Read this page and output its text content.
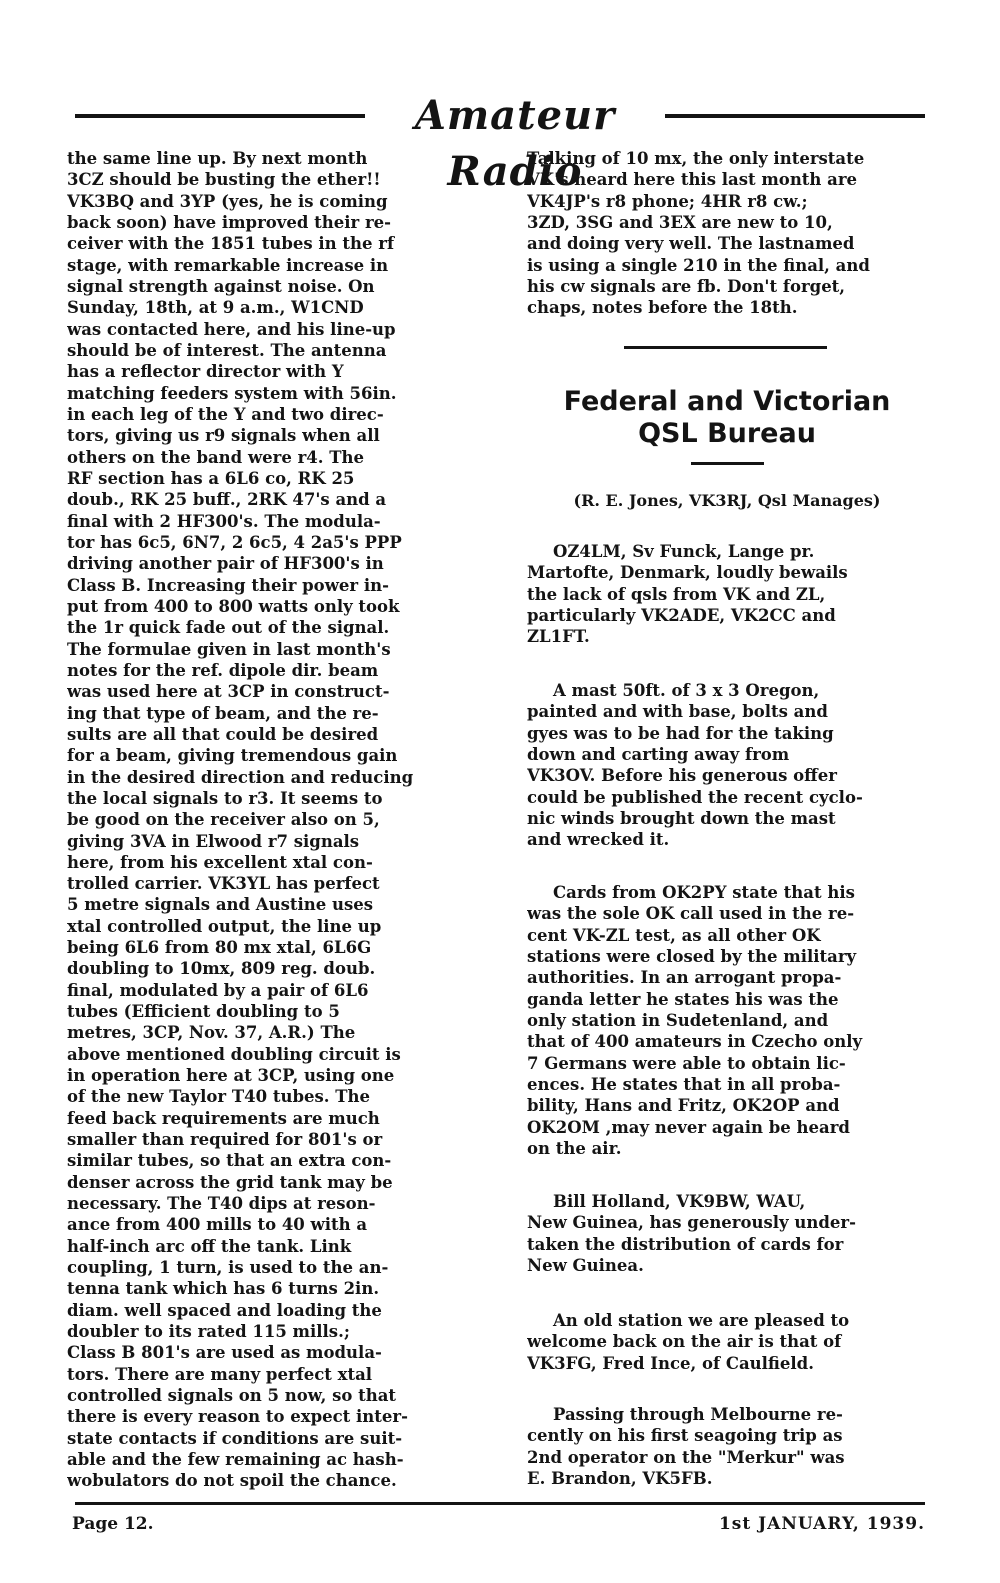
Amateur Radio

the same line up. By next month

3CZ should be busting the ether!!

VK3BQ and 3YP (yes, he is coming

back soon) have improved their re-

ceiver with the 1851 tubes in the rf

stage, with remarkable increase in

signal strength against noise. On

Sunday, 18th, at 9 a.m., W1CND

was contacted here, and his line-up

should be of interest. The antenna

has a reflector director with Y

matching feeders system with 56in.

in each leg of the Y and two direc-

tors, giving us r9 signals when all

others on the band were r4. The

RF section has a 6L6 co, RK 25

doub., RK 25 buff., 2RK 47's and a

final with 2 HF300's. The modula-

tor has 6c5, 6N7, 2 6c5, 4 2a5's PPP

driving another pair of HF300's in

Class B. Increasing their power in-

put from 400 to 800 watts only took

the 1r quick fade out of the signal.

The formulae given in last month's

notes for the ref. dipole dir. beam

was used here at 3CP in construct-

ing that type of beam, and the re-

sults are all that could be desired

for a beam, giving tremendous gain

in the desired direction and reducing

the local signals to r3. It seems to

be good on the receiver also on 5,

giving 3VA in Elwood r7 signals

here, from his excellent xtal con-

trolled carrier. VK3YL has perfect

5 metre signals and Austine uses

xtal controlled output, the line up

being 6L6 from 80 mx xtal, 6L6G

doubling to 10mx, 809 reg. doub.

final, modulated by a pair of 6L6

tubes (Efficient doubling to 5

metres, 3CP, Nov. 37, A.R.) The

above mentioned doubling circuit is

in operation here at 3CP, using one

of the new Taylor T40 tubes. The

feed back requirements are much

smaller than required for 801's or

similar tubes, so that an extra con-

denser across the grid tank may be

necessary. The T40 dips at reson-

ance from 400 mills to 40 with a

half-inch arc off the tank. Link

coupling, 1 turn, is used to the an-

tenna tank which has 6 turns 2in.

diam. well spaced and loading the

doubler to its rated 115 mills.;

Class B 801's are used as modula-

tors. There are many perfect xtal

controlled signals on 5 now, so that

there is every reason to expect inter-

state contacts if conditions are suit-

able and the few remaining ac hash-

wobulators do not spoil the chance.

Talking of 10 mx, the only interstate

VK's heard here this last month are

VK4JP's r8 phone; 4HR r8 cw.;

3ZD, 3SG and 3EX are new to 10,

and doing very well. The lastnamed

is using a single 210 in the final, and

his cw signals are fb. Don't forget,

chaps, notes before the 18th.

Federal and Victorian
QSL Bureau
(R. E. Jones, VK3RJ, Qsl Manages)

OZ4LM, Sv Funck, Lange pr.

Martofte, Denmark, loudly bewails

the lack of qsls from VK and ZL,

particularly VK2ADE, VK2CC and

ZL1FT.

A mast 50ft. of 3 x 3 Oregon,

painted and with base, bolts and

gyes was to be had for the taking

down and carting away from

VK3OV. Before his generous offer

could be published the recent cyclo-

nic winds brought down the mast

and wrecked it.

Cards from OK2PY state that his

was the sole OK call used in the re-

cent VK-ZL test, as all other OK

stations were closed by the military

authorities. In an arrogant propa-

ganda letter he states his was the

only station in Sudetenland, and

that of 400 amateurs in Czecho only

7 Germans were able to obtain lic-

ences. He states that in all proba-

bility, Hans and Fritz, OK2OP and

OK2OM ,may never again be heard

on the air.

Bill Holland, VK9BW, WAU,

New Guinea, has generously under-

taken the distribution of cards for

New Guinea.

An old station we are pleased to

welcome back on the air is that of

VK3FG, Fred Ince, of Caulfield.

Passing through Melbourne re-

cently on his first seagoing trip as

2nd operator on the "Merkur" was

E. Brandon, VK5FB.

Page 12.	1st JANUARY, 1939.
